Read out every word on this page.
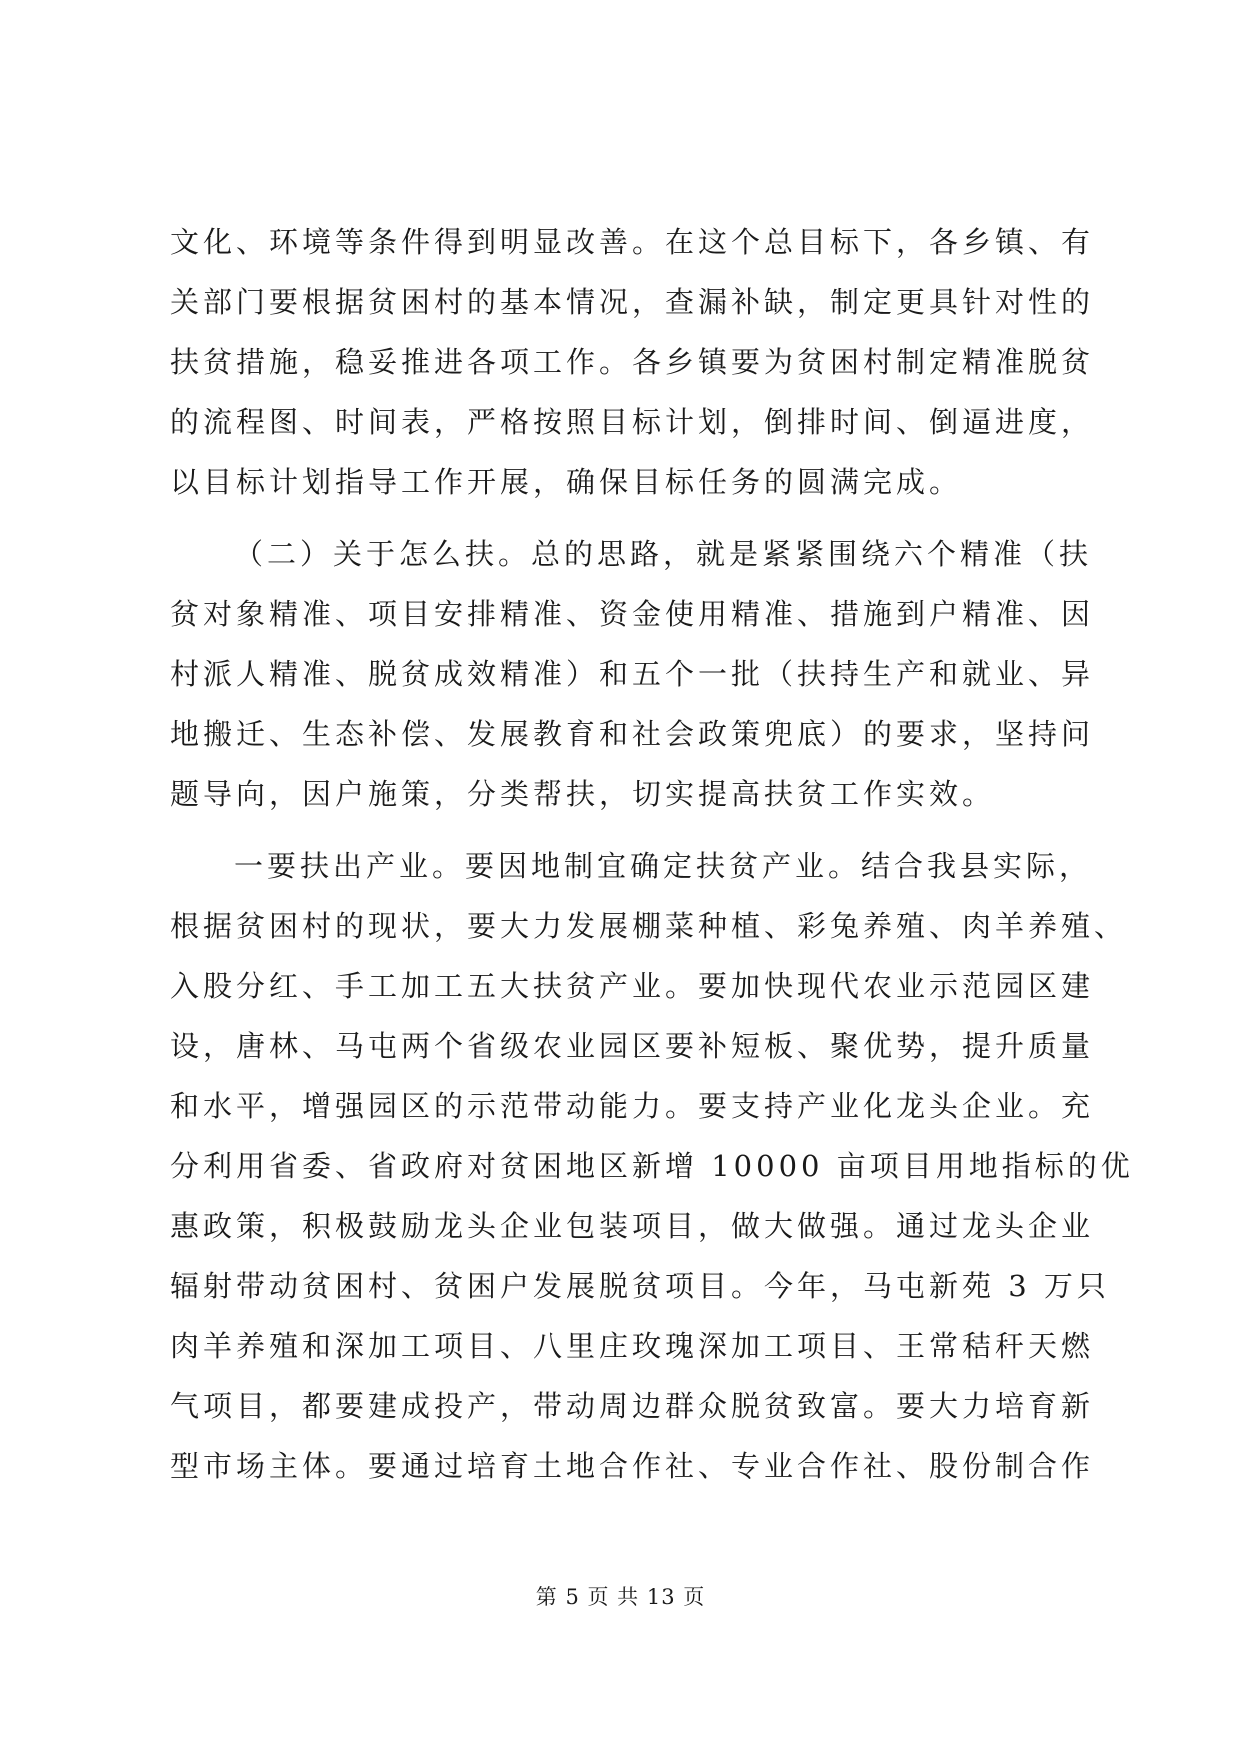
文化、环境等条件得到明显改善。在这个总目标下，各乡镇、有
关部门要根据贫困村的基本情况，查漏补缺，制定更具针对性的
扶贫措施，稳妥推进各项工作。各乡镇要为贫困村制定精准脱贫
的流程图、时间表，严格按照目标计划，倒排时间、倒逼进度，
以目标计划指导工作开展，确保目标任务的圆满完成。
（二）关于怎么扶。总的思路，就是紧紧围绕六个精准（扶
贫对象精准、项目安排精准、资金使用精准、措施到户精准、因
村派人精准、脱贫成效精准）和五个一批（扶持生产和就业、异
地搬迁、生态补偿、发展教育和社会政策兜底）的要求，坚持问
题导向，因户施策，分类帮扶，切实提高扶贫工作实效。
一要扶出产业。要因地制宜确定扶贫产业。结合我县实际，
根据贫困村的现状，要大力发展棚菜种植、彩兔养殖、肉羊养殖、
入股分红、手工加工五大扶贫产业。要加快现代农业示范园区建
设，唐林、马屯两个省级农业园区要补短板、聚优势，提升质量
和水平，增强园区的示范带动能力。要支持产业化龙头企业。充
分利用省委、省政府对贫困地区新增 10000 亩项目用地指标的优
惠政策，积极鼓励龙头企业包装项目，做大做强。通过龙头企业
辐射带动贫困村、贫困户发展脱贫项目。今年，马屯新苑 3 万只
肉羊养殖和深加工项目、八里庄玫瑰深加工项目、王常秸秆天燃
气项目，都要建成投产，带动周边群众脱贫致富。要大力培育新
型市场主体。要通过培育土地合作社、专业合作社、股份制合作
第 5 页 共 13 页
